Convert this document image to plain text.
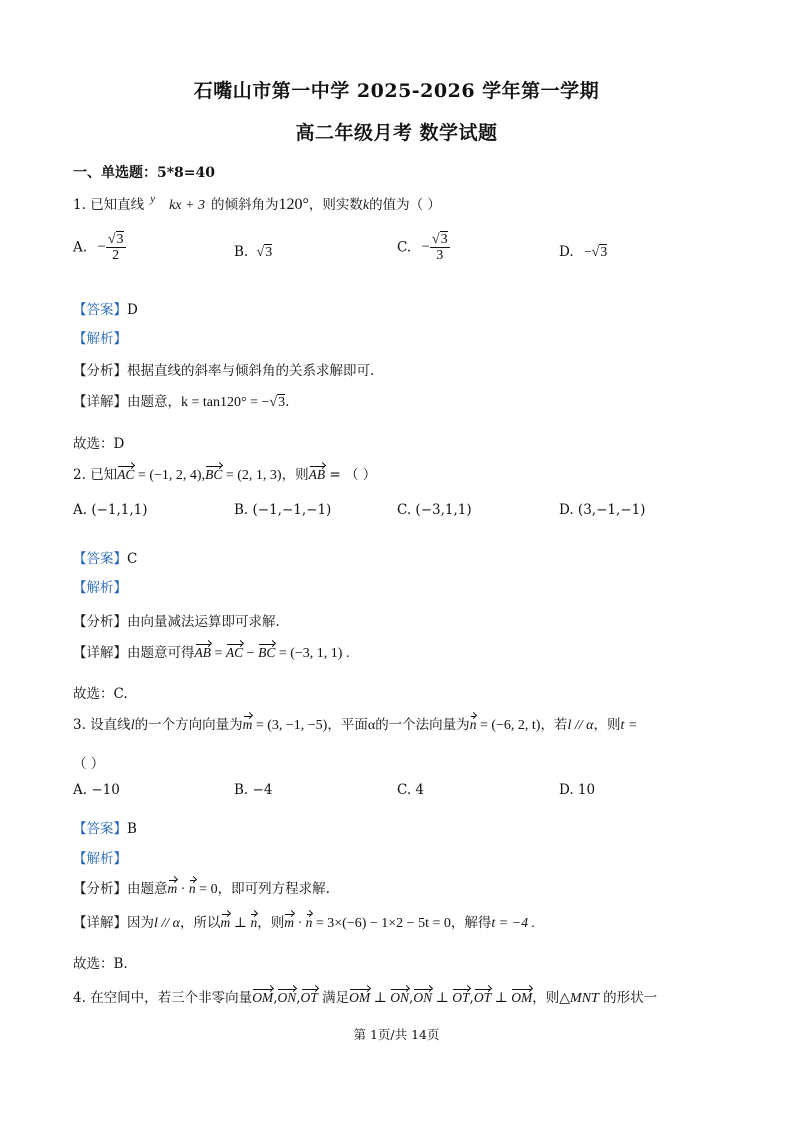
石嘴山市第一中学 2025-2026 学年第一学期
高二年级月考 数学试题
一、单选题：5*8=40
1. 已知直线 $^y$ kx + 3 的倾斜角为120°，则实数k的值为（ ）
A. − $\frac{√3}{2}$	B. √3	C. − $\frac{√3}{3}$	D. −√3
【答案】D
【解析】
【分析】根据直线的斜率与倾斜角的关系求解即可.
【详解】由题意，k = tan120° = −√3.
故选：D
2. 已知AC = (−1, 2, 4),BC = (2, 1, 3)，则AB = （ ）
A. (−1,1,1)	B. (−1,−1,−1)	C. (−3,1,1)	D. (3,−1,−1)
【答案】C
【解析】
【分析】由向量减法运算即可求解.
【详解】由题意可得AB = AC − BC = (−3, 1, 1) .
故选：C.
3. 设直线l的一个方向向量为m = (3, −1, −5)，平面α的一个法向量为n = (−6, 2, t)，若l // α，则t =
（ ）
A. −10	B. −4	C. 4	D. 10
【答案】B
【解析】
【分析】由题意m · n = 0，即可列方程求解.
【详解】因为l // α，所以m ⊥ n，则m · n = 3×(−6) − 1×2 − 5t = 0，解得t = −4 .
故选：B.
4. 在空间中，若三个非零向量OM,ON,OT 满足OM ⊥ ON,ON ⊥ OT,OT ⊥ OM，则△MNT 的形状一
第 1页/共 14页
